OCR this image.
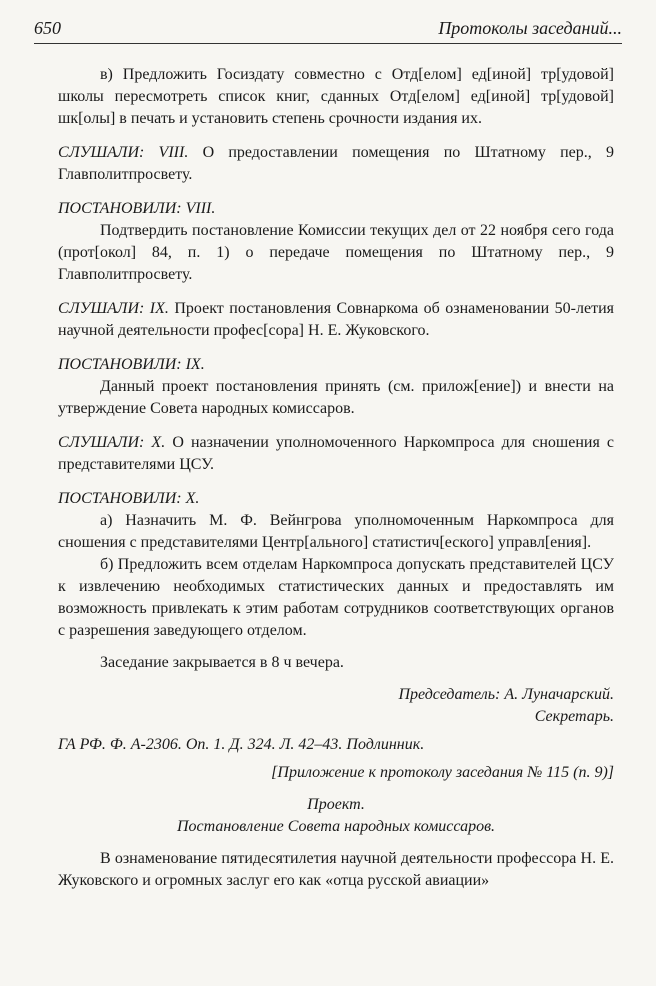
650	Протоколы заседаний...

в) Предложить Госиздату совместно с Отд[елом] ед[иной] тр[удовой] школы пересмотреть список книг, сданных Отд[елом] ед[иной] тр[удовой] шк[олы] в печать и установить степень срочности издания их.

СЛУШАЛИ: VIII. О предоставлении помещения по Штатному пер., 9 Главполитпросвету.

ПОСТАНОВИЛИ: VIII.

Подтвердить постановление Комиссии текущих дел от 22 ноября сего года (прот[окол] 84, п. 1) о передаче помещения по Штатному пер., 9 Главполитпросвету.

СЛУШАЛИ: IX. Проект постановления Совнаркома об ознаменовании 50-летия научной деятельности профес[сора] Н. Е. Жуковского.

ПОСТАНОВИЛИ: IX.

Данный проект постановления принять (см. прилож[ение]) и внести на утверждение Совета народных комиссаров.

СЛУШАЛИ: X. О назначении уполномоченного Наркомпроса для сношения с представителями ЦСУ.

ПОСТАНОВИЛИ: X.

а) Назначить М. Ф. Вейнгрова уполномоченным Наркомпроса для сношения с представителями Центр[ального] статистич[еского] управл[ения].

б) Предложить всем отделам Наркомпроса допускать представителей ЦСУ к извлечению необходимых статистических данных и предоставлять им возможность привлекать к этим работам сотрудников соответствующих органов с разрешения заведующего отделом.

Заседание закрывается в 8 ч вечера.

Председатель: А. Луначарский.

Секретарь.

ГА РФ. Ф. А-2306. Оп. 1. Д. 324. Л. 42–43. Подлинник.

[Приложение к протоколу заседания № 115 (п. 9)]

Проект.

Постановление Совета народных комиссаров.

В ознаменование пятидесятилетия научной деятельности профессора Н. Е. Жуковского и огромных заслуг его как «отца русской авиации»
